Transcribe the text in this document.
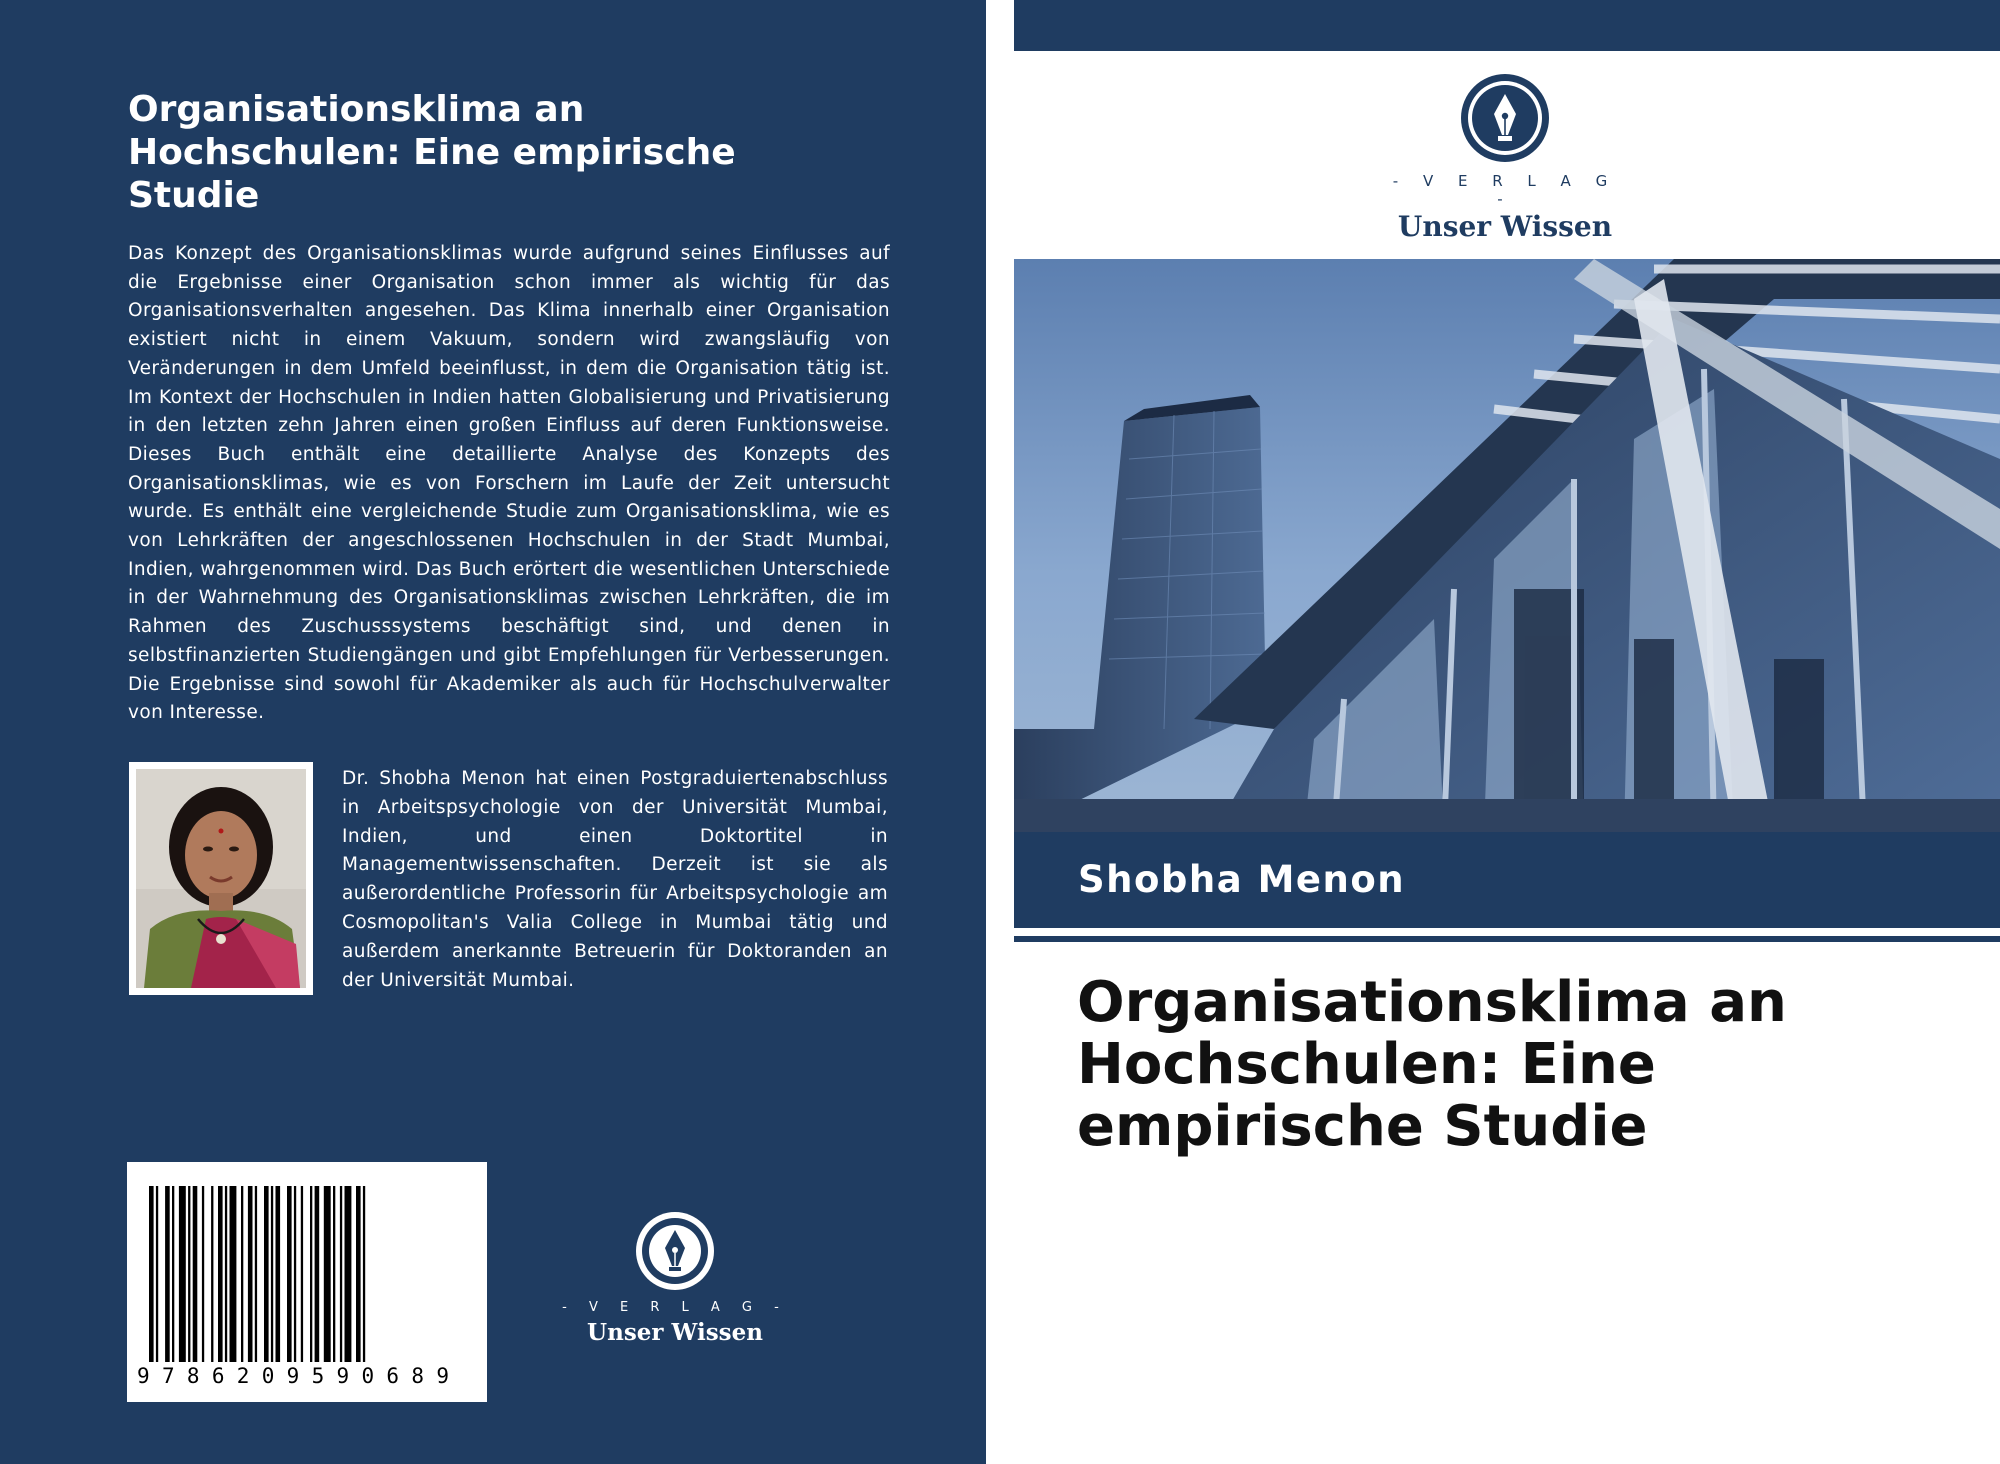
Organisationsklima an Hochschulen: Eine empirische Studie

Das Konzept des Organisationsklimas wurde aufgrund seines Einflusses auf die Ergebnisse einer Organisation schon immer als wichtig für das Organisationsverhalten angesehen. Das Klima innerhalb einer Organisation existiert nicht in einem Vakuum, sondern wird zwangsläufig von Veränderungen in dem Umfeld beeinflusst, in dem die Organisation tätig ist. Im Kontext der Hochschulen in Indien hatten Globalisierung und Privatisierung in den letzten zehn Jahren einen großen Einfluss auf deren Funktionsweise. Dieses Buch enthält eine detaillierte Analyse des Konzepts des Organisationsklimas, wie es von Forschern im Laufe der Zeit untersucht wurde. Es enthält eine vergleichende Studie zum Organisationsklima, wie es von Lehrkräften der angeschlossenen Hochschulen in der Stadt Mumbai, Indien, wahrgenommen wird. Das Buch erörtert die wesentlichen Unterschiede in der Wahrnehmung des Organisationsklimas zwischen Lehrkräften, die im Rahmen des Zuschusssystems beschäftigt sind, und denen in selbstfinanzierten Studiengängen und gibt Empfehlungen für Verbesserungen. Die Ergebnisse sind sowohl für Akademiker als auch für Hochschulverwalter von Interesse.

Dr. Shobha Menon hat einen Postgraduiertenabschluss in Arbeitspsychologie von der Universität Mumbai, Indien, und einen Doktortitel in Managementwissenschaften. Derzeit ist sie als außerordentliche Professorin für Arbeitspsychologie am Cosmopolitan's Valia College in Mumbai tätig und außerdem anerkannte Betreuerin für Doktoranden an der Universität Mumbai.

9786209590689
- V E R L A G -
Unser Wissen
- V E R L A G -
Unser Wissen
Shobha Menon
Organisationsklima an Hochschulen: Eine empirische Studie
